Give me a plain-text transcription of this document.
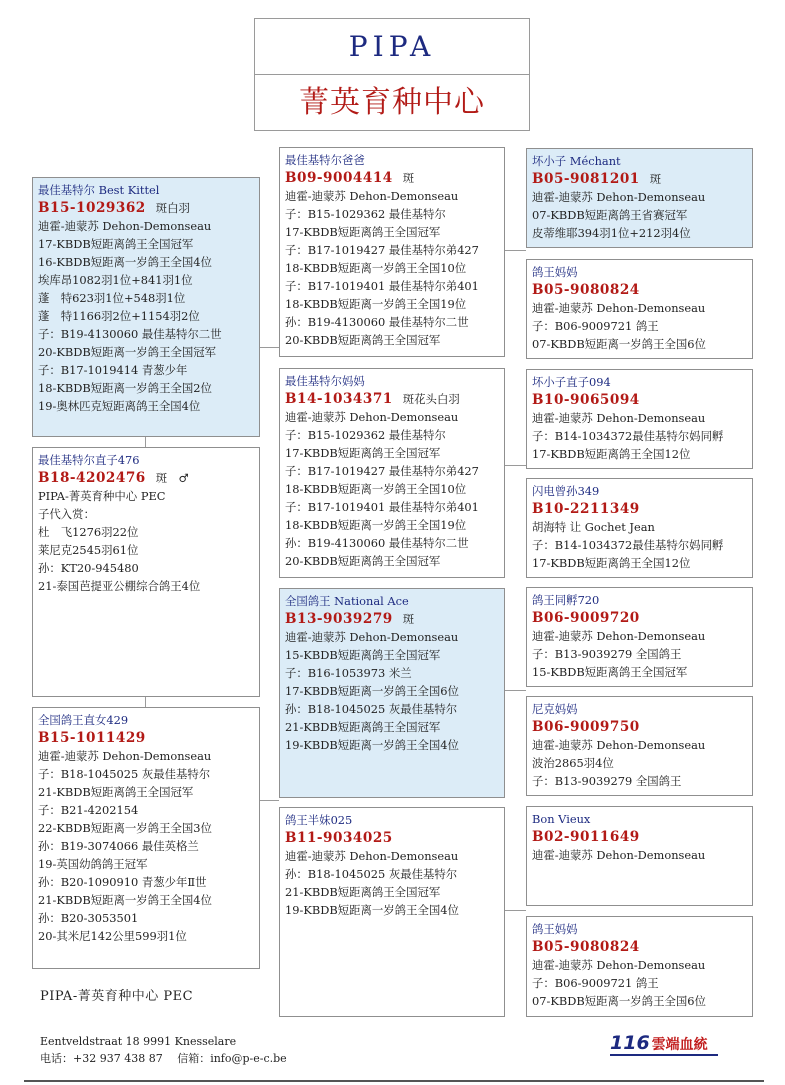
PIPA
菁英育种中心
最佳基特尔 Best Kittel
B15-1029362 斑白羽
迪霍-迪蒙苏 Dehon-Demonseau
17-KBDB短距离鸽王全国冠军
16-KBDB短距离一岁鸽王全国4位
埃库昂1082羽1位+841羽1位
蓬　特623羽1位+548羽1位
蓬　特1166羽2位+1154羽2位
子：B19-4130060 最佳基特尔二世
20-KBDB短距离一岁鸽王全国冠军
子：B17-1019414 青葱少年
18-KBDB短距离一岁鸽王全国2位
19-奥林匹克短距离鸽王全国4位
最佳基特尔直子476
B18-4202476 斑　♂
PIPA-菁英育种中心 PEC
子代入赏：
杜　飞1276羽22位
莱尼克2545羽61位
孙：KT20-945480
21-泰国芭提亚公棚综合鸽王4位
全国鸽王直女429
B15-1011429
迪霍-迪蒙苏 Dehon-Demonseau
子：B18-1045025 灰最佳基特尔
21-KBDB短距离鸽王全国冠军
子：B21-4202154
22-KBDB短距离一岁鸽王全国3位
孙：B19-3074066 最佳英格兰
19-英国幼鸽鸽王冠军
孙：B20-1090910 青葱少年Ⅱ世
21-KBDB短距离一岁鸽王全国4位
孙：B20-3053501
20-其米尼142公里599羽1位
最佳基特尔爸爸
B09-9004414 斑
迪霍-迪蒙苏 Dehon-Demonseau
子：B15-1029362 最佳基特尔
17-KBDB短距离鸽王全国冠军
子：B17-1019427 最佳基特尔弟427
18-KBDB短距离一岁鸽王全国10位
子：B17-1019401 最佳基特尔弟401
18-KBDB短距离一岁鸽王全国19位
孙：B19-4130060 最佳基特尔二世
20-KBDB短距离鸽王全国冠军
最佳基特尔妈妈
B14-1034371 斑花头白羽
迪霍-迪蒙苏 Dehon-Demonseau
子：B15-1029362 最佳基特尔
17-KBDB短距离鸽王全国冠军
子：B17-1019427 最佳基特尔弟427
18-KBDB短距离一岁鸽王全国10位
子：B17-1019401 最佳基特尔弟401
18-KBDB短距离一岁鸽王全国19位
孙：B19-4130060 最佳基特尔二世
20-KBDB短距离鸽王全国冠军
全国鸽王 National Ace
B13-9039279 斑
迪霍-迪蒙苏 Dehon-Demonseau
15-KBDB短距离鸽王全国冠军
子：B16-1053973 米兰
17-KBDB短距离一岁鸽王全国6位
孙：B18-1045025 灰最佳基特尔
21-KBDB短距离鸽王全国冠军
19-KBDB短距离一岁鸽王全国4位
鸽王半妹025
B11-9034025
迪霍-迪蒙苏 Dehon-Demonseau
孙：B18-1045025 灰最佳基特尔
21-KBDB短距离鸽王全国冠军
19-KBDB短距离一岁鸽王全国4位
坏小子 Méchant
B05-9081201 斑
迪霍-迪蒙苏 Dehon-Demonseau
07-KBDB短距离鸽王省赛冠军
皮蒂维耶394羽1位+212羽4位
鸽王妈妈
B05-9080824
迪霍-迪蒙苏 Dehon-Demonseau
子：B06-9009721 鸽王
07-KBDB短距离一岁鸽王全国6位
坏小子直子094
B10-9065094
迪霍-迪蒙苏 Dehon-Demonseau
子：B14-1034372最佳基特尔妈同孵
17-KBDB短距离鸽王全国12位
闪电曾孙349
B10-2211349
胡海特 让 Gochet Jean
子：B14-1034372最佳基特尔妈同孵
17-KBDB短距离鸽王全国12位
鸽王同孵720
B06-9009720
迪霍-迪蒙苏 Dehon-Demonseau
子：B13-9039279 全国鸽王
15-KBDB短距离鸽王全国冠军
尼克妈妈
B06-9009750
迪霍-迪蒙苏 Dehon-Demonseau
波治2865羽4位
子：B13-9039279 全国鸽王
Bon Vieux
B02-9011649
迪霍-迪蒙苏 Dehon-Demonseau
鸽王妈妈
B05-9080824
迪霍-迪蒙苏 Dehon-Demonseau
子：B06-9009721 鸽王
07-KBDB短距离一岁鸽王全国6位
PIPA-菁英育种中心 PEC
Eentveldstraat 18 9991 Knesselare
电话：+32 937 438 87　 信箱：info@p-e-c.be
116 雲端血統
